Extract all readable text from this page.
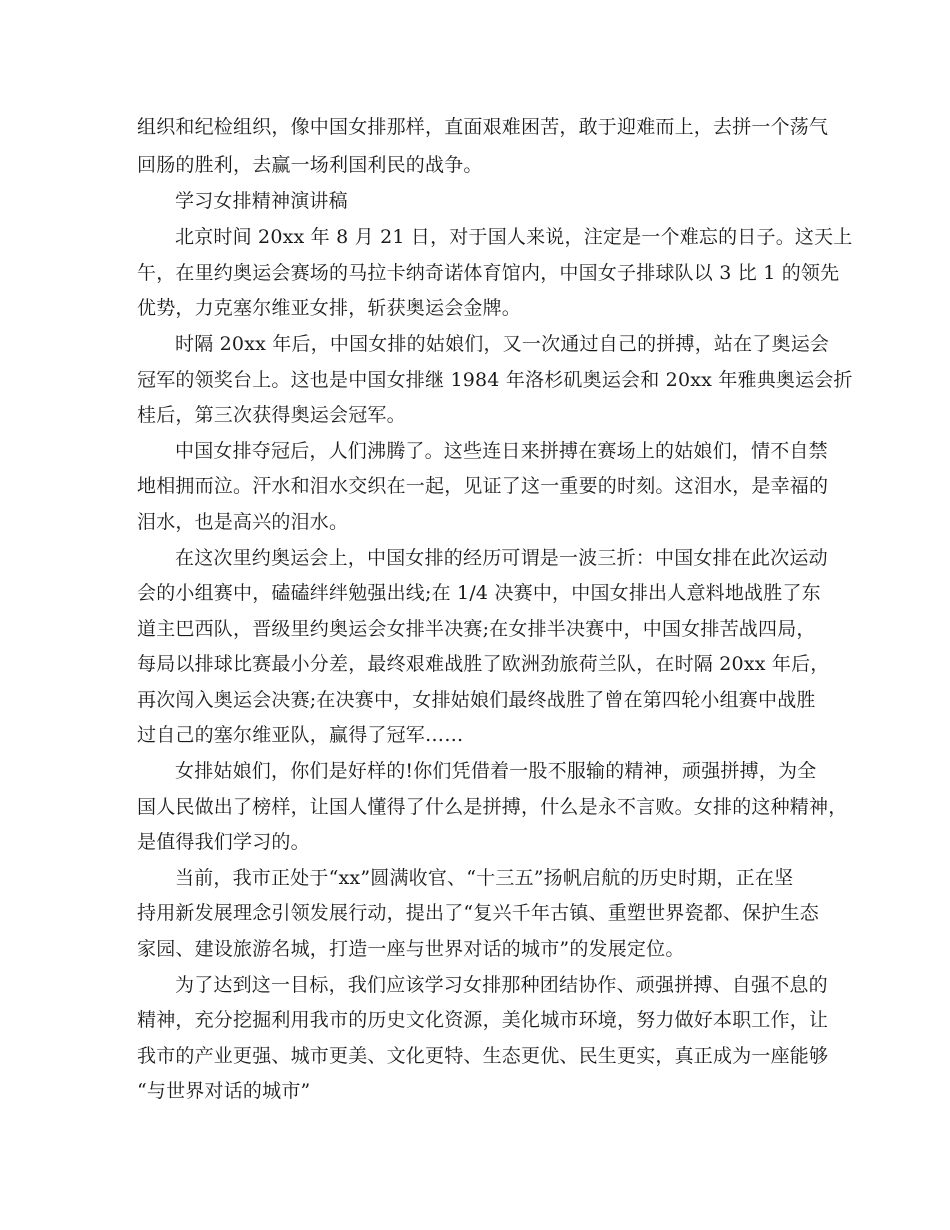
组织和纪检组织，像中国女排那样，直面艰难困苦，敢于迎难而上，去拼一个荡气
回肠的胜利，去赢一场利国利民的战争。
学习女排精神演讲稿
北京时间 20xx 年 8 月 21 日，对于国人来说，注定是一个难忘的日子。这天上
午，在里约奥运会赛场的马拉卡纳奇诺体育馆内，中国女子排球队以 3 比 1 的领先
优势，力克塞尔维亚女排，斩获奥运会金牌。
时隔 20xx 年后，中国女排的姑娘们，又一次通过自己的拼搏，站在了奥运会
冠军的领奖台上。这也是中国女排继 1984 年洛杉矶奥运会和 20xx 年雅典奥运会折
桂后，第三次获得奥运会冠军。
中国女排夺冠后，人们沸腾了。这些连日来拼搏在赛场上的姑娘们，情不自禁
地相拥而泣。汗水和泪水交织在一起，见证了这一重要的时刻。这泪水，是幸福的
泪水，也是高兴的泪水。
在这次里约奥运会上，中国女排的经历可谓是一波三折：中国女排在此次运动
会的小组赛中，磕磕绊绊勉强出线;在 1/4 决赛中，中国女排出人意料地战胜了东
道主巴西队，晋级里约奥运会女排半决赛;在女排半决赛中，中国女排苦战四局，
每局以排球比赛最小分差，最终艰难战胜了欧洲劲旅荷兰队，在时隔 20xx 年后，
再次闯入奥运会决赛;在决赛中，女排姑娘们最终战胜了曾在第四轮小组赛中战胜
过自己的塞尔维亚队，赢得了冠军……
女排姑娘们，你们是好样的!你们凭借着一股不服输的精神，顽强拼搏，为全
国人民做出了榜样，让国人懂得了什么是拼搏，什么是永不言败。女排的这种精神，
是值得我们学习的。
当前，我市正处于“xx”圆满收官、“十三五”扬帆启航的历史时期，正在坚
持用新发展理念引领发展行动，提出了“复兴千年古镇、重塑世界瓷都、保护生态
家园、建设旅游名城，打造一座与世界对话的城市”的发展定位。
为了达到这一目标，我们应该学习女排那种团结协作、顽强拼搏、自强不息的
精神，充分挖掘利用我市的历史文化资源，美化城市环境，努力做好本职工作，让
我市的产业更强、城市更美、文化更特、生态更优、民生更实，真正成为一座能够
“与世界对话的城市”
